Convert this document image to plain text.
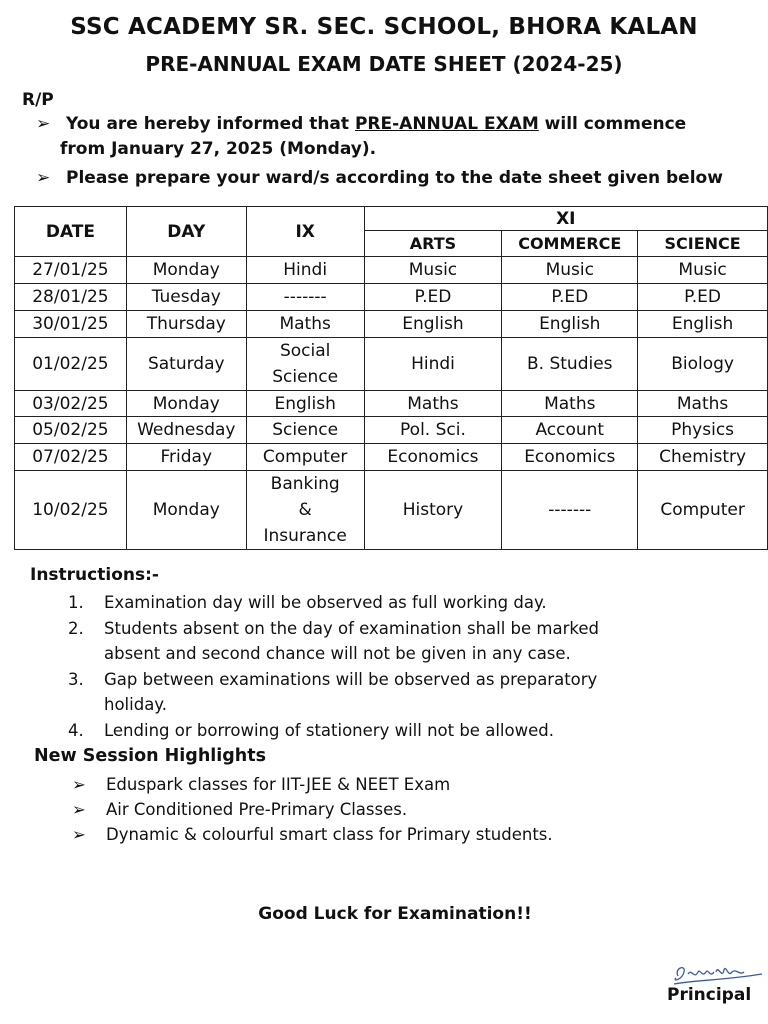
SSC ACADEMY SR. SEC. SCHOOL, BHORA KALAN
PRE-ANNUAL EXAM DATE SHEET (2024-25)
R/P
➢ You are hereby informed that PRE-ANNUAL EXAM will commence
from January 27, 2025 (Monday).
➢ Please prepare your ward/s according to the date sheet given below
DATE	DAY	IX	XI		
			ARTS	COMMERCE	SCIENCE
27/01/25	Monday	Hindi	Music	Music	Music
28/01/25	Tuesday	-------	P.ED	P.ED	P.ED
30/01/25	Thursday	Maths	English	English	English
01/02/25	Saturday	Social
Science	Hindi	B. Studies	Biology
03/02/25	Monday	English	Maths	Maths	Maths
05/02/25	Wednesday	Science	Pol. Sci.	Account	Physics
07/02/25	Friday	Computer	Economics	Economics	Chemistry
10/02/25	Monday	Banking
&
Insurance	History	-------	Computer
Instructions:-
1. Examination day will be observed as full working day.
2. Students absent on the day of examination shall be marked
absent and second chance will not be given in any case.
3. Gap between examinations will be observed as preparatory
holiday.
4. Lending or borrowing of stationery will not be allowed.
New Session Highlights
➢ Eduspark classes for IIT-JEE & NEET Exam
➢ Air Conditioned Pre-Primary Classes.
➢ Dynamic & colourful smart class for Primary students.
Good Luck for Examination!!
Principal
